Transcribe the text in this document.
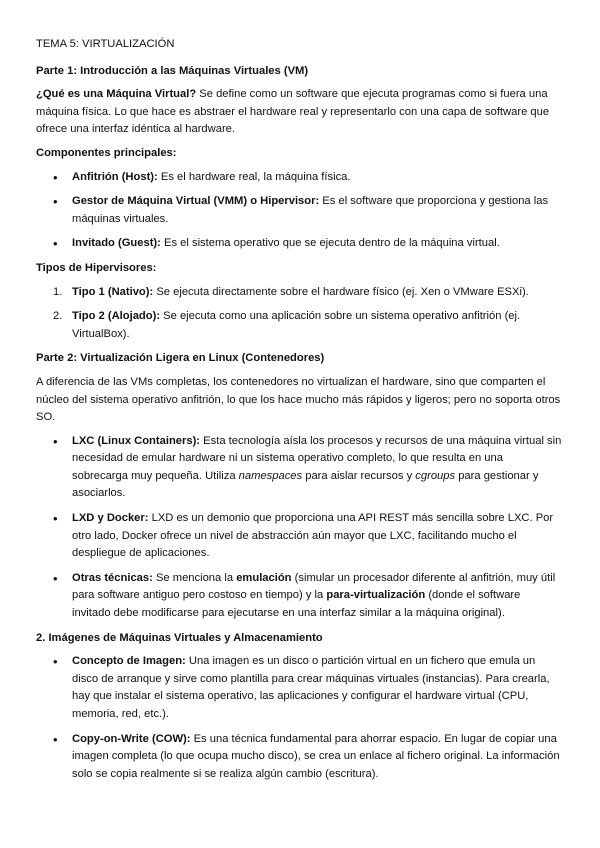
TEMA 5: VIRTUALIZACIÓN

Parte 1: Introducción a las Máquinas Virtuales (VM)

¿Qué es una Máquina Virtual? Se define como un software que ejecuta programas como si fuera una máquina física. Lo que hace es abstraer el hardware real y representarlo con una capa de software que ofrece una interfaz idéntica al hardware.

Componentes principales:

• Anfitrión (Host): Es el hardware real, la máquina física.
• Gestor de Máquina Virtual (VMM) o Hipervisor: Es el software que proporciona y gestiona las máquinas virtuales.
• Invitado (Guest): Es el sistema operativo que se ejecuta dentro de la máquina virtual.

Tipos de Hipervisores:

1. Tipo 1 (Nativo): Se ejecuta directamente sobre el hardware físico (ej. Xen o VMware ESXi).
2. Tipo 2 (Alojado): Se ejecuta como una aplicación sobre un sistema operativo anfitrión (ej. VirtualBox).

Parte 2: Virtualización Ligera en Linux (Contenedores)

A diferencia de las VMs completas, los contenedores no virtualizan el hardware, sino que comparten el núcleo del sistema operativo anfitrión, lo que los hace mucho más rápidos y ligeros; pero no soporta otros SO.

• LXC (Linux Containers): Esta tecnología aísla los procesos y recursos de una máquina virtual sin necesidad de emular hardware ni un sistema operativo completo, lo que resulta en una sobrecarga muy pequeña. Utiliza namespaces para aislar recursos y cgroups para gestionar y asociarlos.
• LXD y Docker: LXD es un demonio que proporciona una API REST más sencilla sobre LXC. Por otro lado, Docker ofrece un nivel de abstracción aún mayor que LXC, facilitando mucho el despliegue de aplicaciones.
• Otras técnicas: Se menciona la emulación (simular un procesador diferente al anfitrión, muy útil para software antiguo pero costoso en tiempo) y la para-virtualización (donde el software invitado debe modificarse para ejecutarse en una interfaz similar a la máquina original).

2. Imágenes de Máquinas Virtuales y Almacenamiento

• Concepto de Imagen: Una imagen es un disco o partición virtual en un fichero que emula un disco de arranque y sirve como plantilla para crear máquinas virtuales (instancias). Para crearla, hay que instalar el sistema operativo, las aplicaciones y configurar el hardware virtual (CPU, memoria, red, etc.).
• Copy-on-Write (COW): Es una técnica fundamental para ahorrar espacio. En lugar de copiar una imagen completa (lo que ocupa mucho disco), se crea un enlace al fichero original. La información solo se copia realmente si se realiza algún cambio (escritura).
